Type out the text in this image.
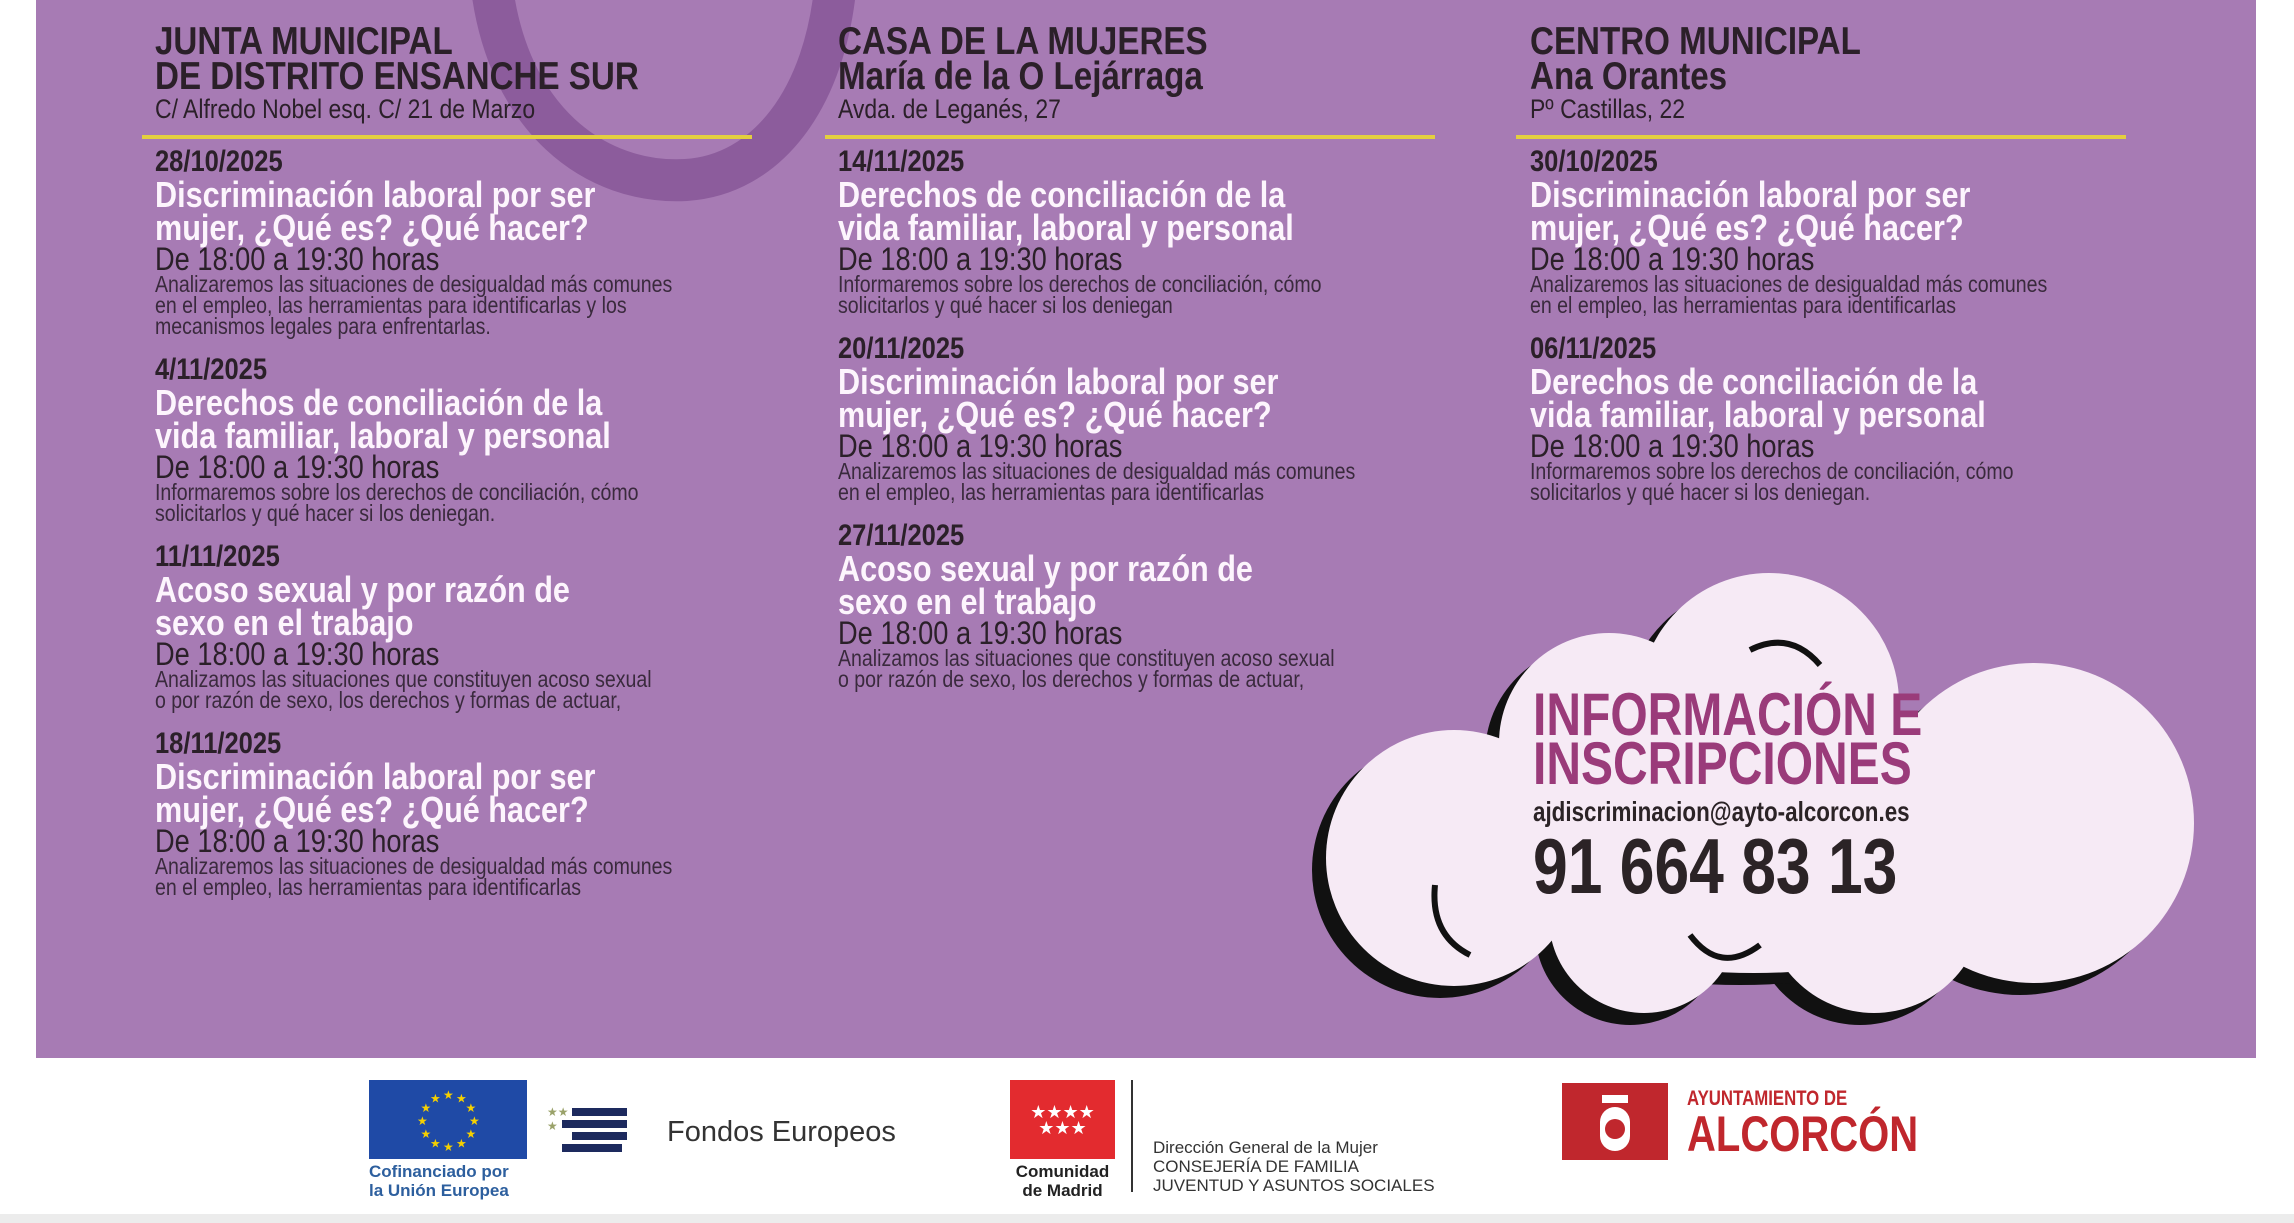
JUNTA MUNICIPAL
DE DISTRITO ENSANCHE SUR
C/ Alfredo Nobel esq. C/ 21 de Marzo
28/10/2025
Discriminación laboral por ser
mujer, ¿Qué es? ¿Qué hacer?
De 18:00 a 19:30 horas
Analizaremos las situaciones de desigualdad más comunes
en el empleo, las herramientas para identificarlas y los
mecanismos legales para enfrentarlas.
4/11/2025
Derechos de conciliación de la
vida familiar, laboral y personal
De 18:00 a 19:30 horas
Informaremos sobre los derechos de conciliación, cómo
solicitarlos y qué hacer si los deniegan.
11/11/2025
Acoso sexual y por razón de
sexo en el trabajo
De 18:00 a 19:30 horas
Analizamos las situaciones que constituyen acoso sexual
o por razón de sexo, los derechos y formas de actuar,
18/11/2025
Discriminación laboral por ser
mujer, ¿Qué es? ¿Qué hacer?
De 18:00 a 19:30 horas
Analizaremos las situaciones de desigualdad más comunes
en el empleo, las herramientas para identificarlas
CASA DE LA MUJERES
María de la O Lejárraga
Avda. de Leganés, 27
14/11/2025
Derechos de conciliación de la
vida familiar, laboral y personal
De 18:00 a 19:30 horas
Informaremos sobre los derechos de conciliación, cómo
solicitarlos y qué hacer si los deniegan
20/11/2025
Discriminación laboral por ser
mujer, ¿Qué es? ¿Qué hacer?
De 18:00 a 19:30 horas
Analizaremos las situaciones de desigualdad más comunes
en el empleo, las herramientas para identificarlas
27/11/2025
Acoso sexual y por razón de
sexo en el trabajo
De 18:00 a 19:30 horas
Analizamos las situaciones que constituyen acoso sexual
o por razón de sexo, los derechos y formas de actuar,
CENTRO MUNICIPAL
Ana Orantes
Pº Castillas, 22
30/10/2025
Discriminación laboral por ser
mujer, ¿Qué es? ¿Qué hacer?
De 18:00 a 19:30 horas
Analizaremos las situaciones de desigualdad más comunes
en el empleo, las herramientas para identificarlas
06/11/2025
Derechos de conciliación de la
vida familiar, laboral y personal
De 18:00 a 19:30 horas
Informaremos sobre los derechos de conciliación, cómo
solicitarlos y qué hacer si los deniegan.
INFORMACIÓN E
INSCRIPCIONES
ajdiscriminacion@ayto-alcorcon.es
91 664 83 13
★
★
★
★
★
★
★
★
★ ★ ★
★
Cofinanciado por
la Unión Europea
★★
★	Fondos Europeos
★★★★
★★★
Comunidad
de Madrid
Dirección General de la Mujer
CONSEJERÍA DE FAMILIA
JUVENTUD Y ASUNTOS SOCIALES
AYUNTAMIENTO DE
ALCORCÓN
